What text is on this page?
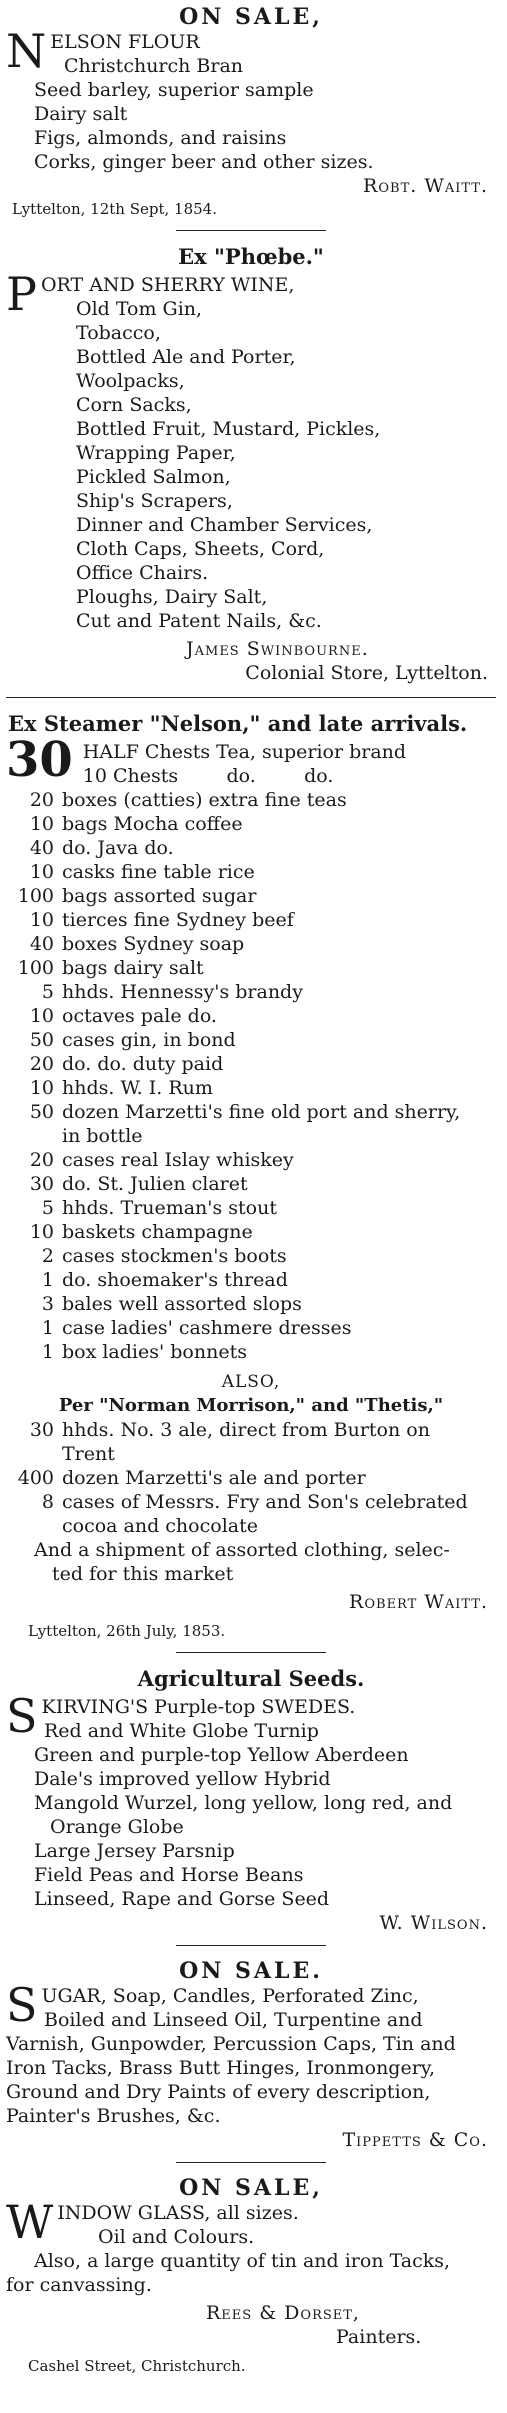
ON SALE,

NELSON FLOUR

Christchurch Bran

Seed barley, superior sample

Dairy salt

Figs, almonds, and raisins

Corks, ginger beer and other sizes.

Robt. Waitt.

Lyttelton, 12th Sept, 1854.

Ex "Phœbe."

PORT AND SHERRY WINE,

Old Tom Gin,

Tobacco,

Bottled Ale and Porter,

Woolpacks,

Corn Sacks,

Bottled Fruit, Mustard, Pickles,

Wrapping Paper,

Pickled Salmon,

Ship's Scrapers,

Dinner and Chamber Services,

Cloth Caps, Sheets, Cord,

Office Chairs.

Ploughs, Dairy Salt,

Cut and Patent Nails, &c.

James Swinbourne.

Colonial Store, Lyttelton.

Ex Steamer "Nelson," and late arrivals.

30 HALF Chests Tea, superior brand

10 Chests        do.        do.

20 boxes (catties) extra fine teas

10 bags Mocha coffee

40 do. Java do.

10 casks fine table rice

100 bags assorted sugar

10 tierces fine Sydney beef

40 boxes Sydney soap

100 bags dairy salt

5 hhds. Hennessy's brandy

10 octaves pale do.

50 cases gin, in bond

20 do. do. duty paid

10 hhds. W. I. Rum

50 dozen Marzetti's fine old port and sherry,

in bottle

20 cases real Islay whiskey

30 do. St. Julien claret

5 hhds. Trueman's stout

10 baskets champagne

2 cases stockmen's boots

1 do. shoemaker's thread

3 bales well assorted slops

1 case ladies' cashmere dresses

1 box ladies' bonnets

ALSO,

Per "Norman Morrison," and "Thetis,"

30 hhds. No. 3 ale, direct from Burton on

Trent

400 dozen Marzetti's ale and porter

8 cases of Messrs. Fry and Son's celebrated

cocoa and chocolate

And a shipment of assorted clothing, selec-

ted for this market

Robert Waitt.

Lyttelton, 26th July, 1853.

Agricultural Seeds.

SKIRVING'S Purple-top SWEDES.

Red and White Globe Turnip

Green and purple-top Yellow Aberdeen

Dale's improved yellow Hybrid

Mangold Wurzel, long yellow, long red, and

Orange Globe

Large Jersey Parsnip

Field Peas and Horse Beans

Linseed, Rape and Gorse Seed

W. Wilson.

ON SALE.

SUGAR, Soap, Candles, Perforated Zinc,

Boiled and Linseed Oil, Turpentine and

Varnish, Gunpowder, Percussion Caps, Tin and

Iron Tacks, Brass Butt Hinges, Ironmongery,

Ground and Dry Paints of every description,

Painter's Brushes, &c.

Tippetts & Co.

ON SALE,

WINDOW GLASS, all sizes.

Oil and Colours.

Also, a large quantity of tin and iron Tacks,

for canvassing.

Rees & Dorset,

Painters.

Cashel Street, Christchurch.
